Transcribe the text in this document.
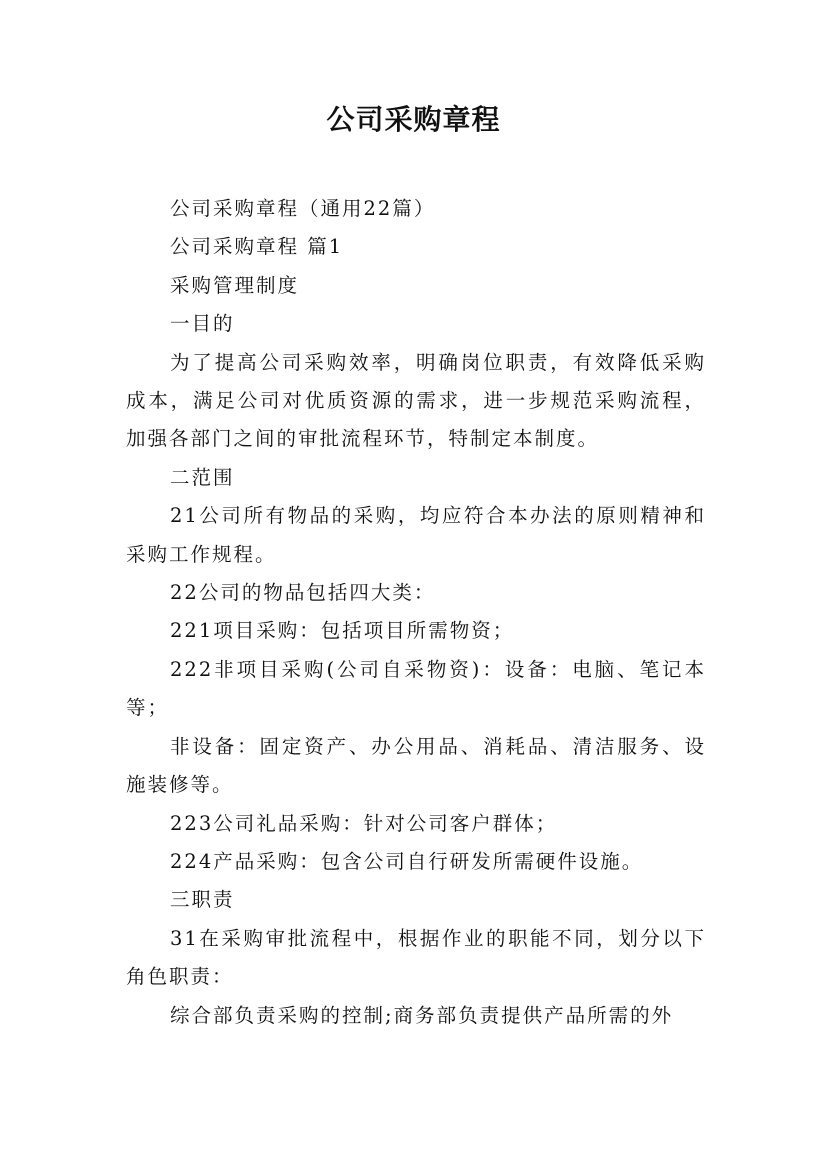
公司采购章程

公司采购章程（通用22篇）

公司采购章程 篇1

采购管理制度

一目的

为了提高公司采购效率，明确岗位职责，有效降低采购成本，满足公司对优质资源的需求，进一步规范采购流程，加强各部门之间的审批流程环节，特制定本制度。

二范围

21公司所有物品的采购，均应符合本办法的原则精神和采购工作规程。

22公司的物品包括四大类：

221项目采购：包括项目所需物资；

222非项目采购(公司自采物资)：设备：电脑、笔记本等；

非设备：固定资产、办公用品、消耗品、清洁服务、设施装修等。

223公司礼品采购：针对公司客户群体；

224产品采购：包含公司自行研发所需硬件设施。

三职责

31在采购审批流程中，根据作业的职能不同，划分以下角色职责：

综合部负责采购的控制;商务部负责提供产品所需的外
